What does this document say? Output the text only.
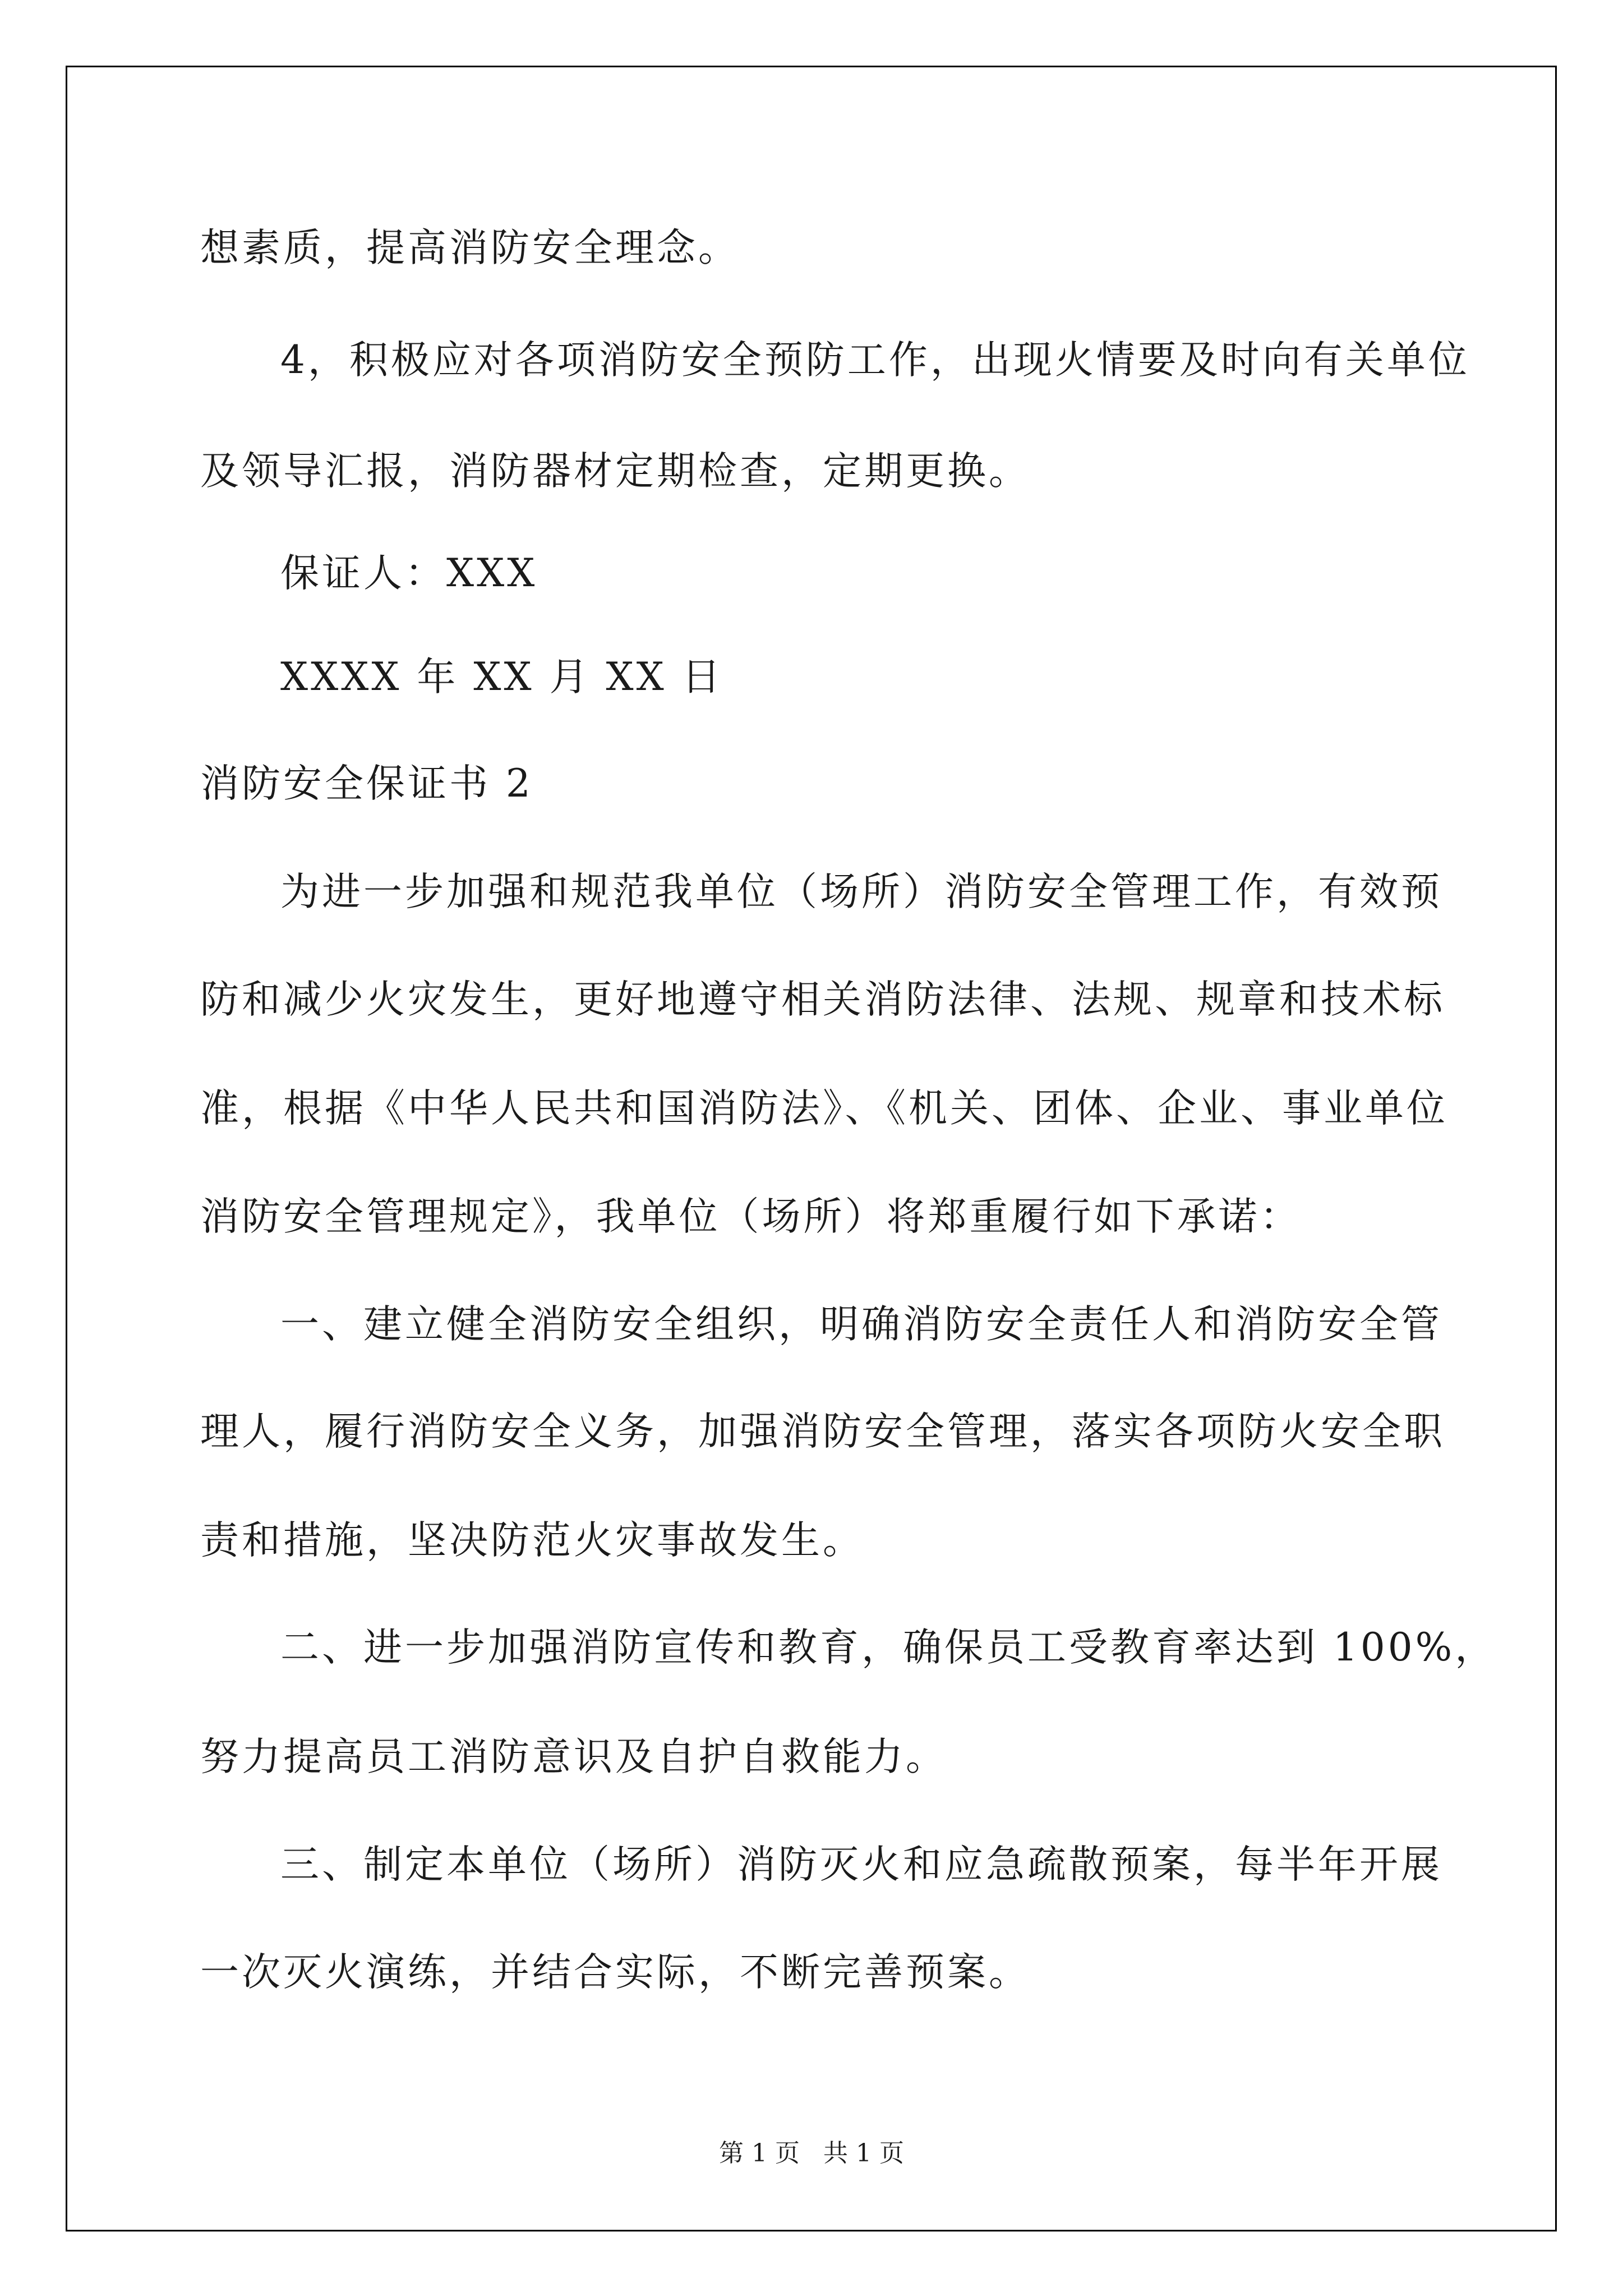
想素质，提高消防安全理念。
4，积极应对各项消防安全预防工作，出现火情要及时向有关单位
及领导汇报，消防器材定期检查，定期更换。
保证人：XXX
XXXX 年 XX 月 XX 日
消防安全保证书 2
为进一步加强和规范我单位（场所）消防安全管理工作，有效预
防和减少火灾发生，更好地遵守相关消防法律、法规、规章和技术标
准，根据《中华人民共和国消防法》、《机关、团体、企业、事业单位
消防安全管理规定》，我单位（场所）将郑重履行如下承诺：
一、建立健全消防安全组织，明确消防安全责任人和消防安全管
理人，履行消防安全义务，加强消防安全管理，落实各项防火安全职
责和措施，坚决防范火灾事故发生。
二、进一步加强消防宣传和教育，确保员工受教育率达到 100%，
努力提高员工消防意识及自护自救能力。
三、制定本单位（场所）消防灭火和应急疏散预案，每半年开展
一次灭火演练，并结合实际，不断完善预案。
第 1 页   共 1 页
